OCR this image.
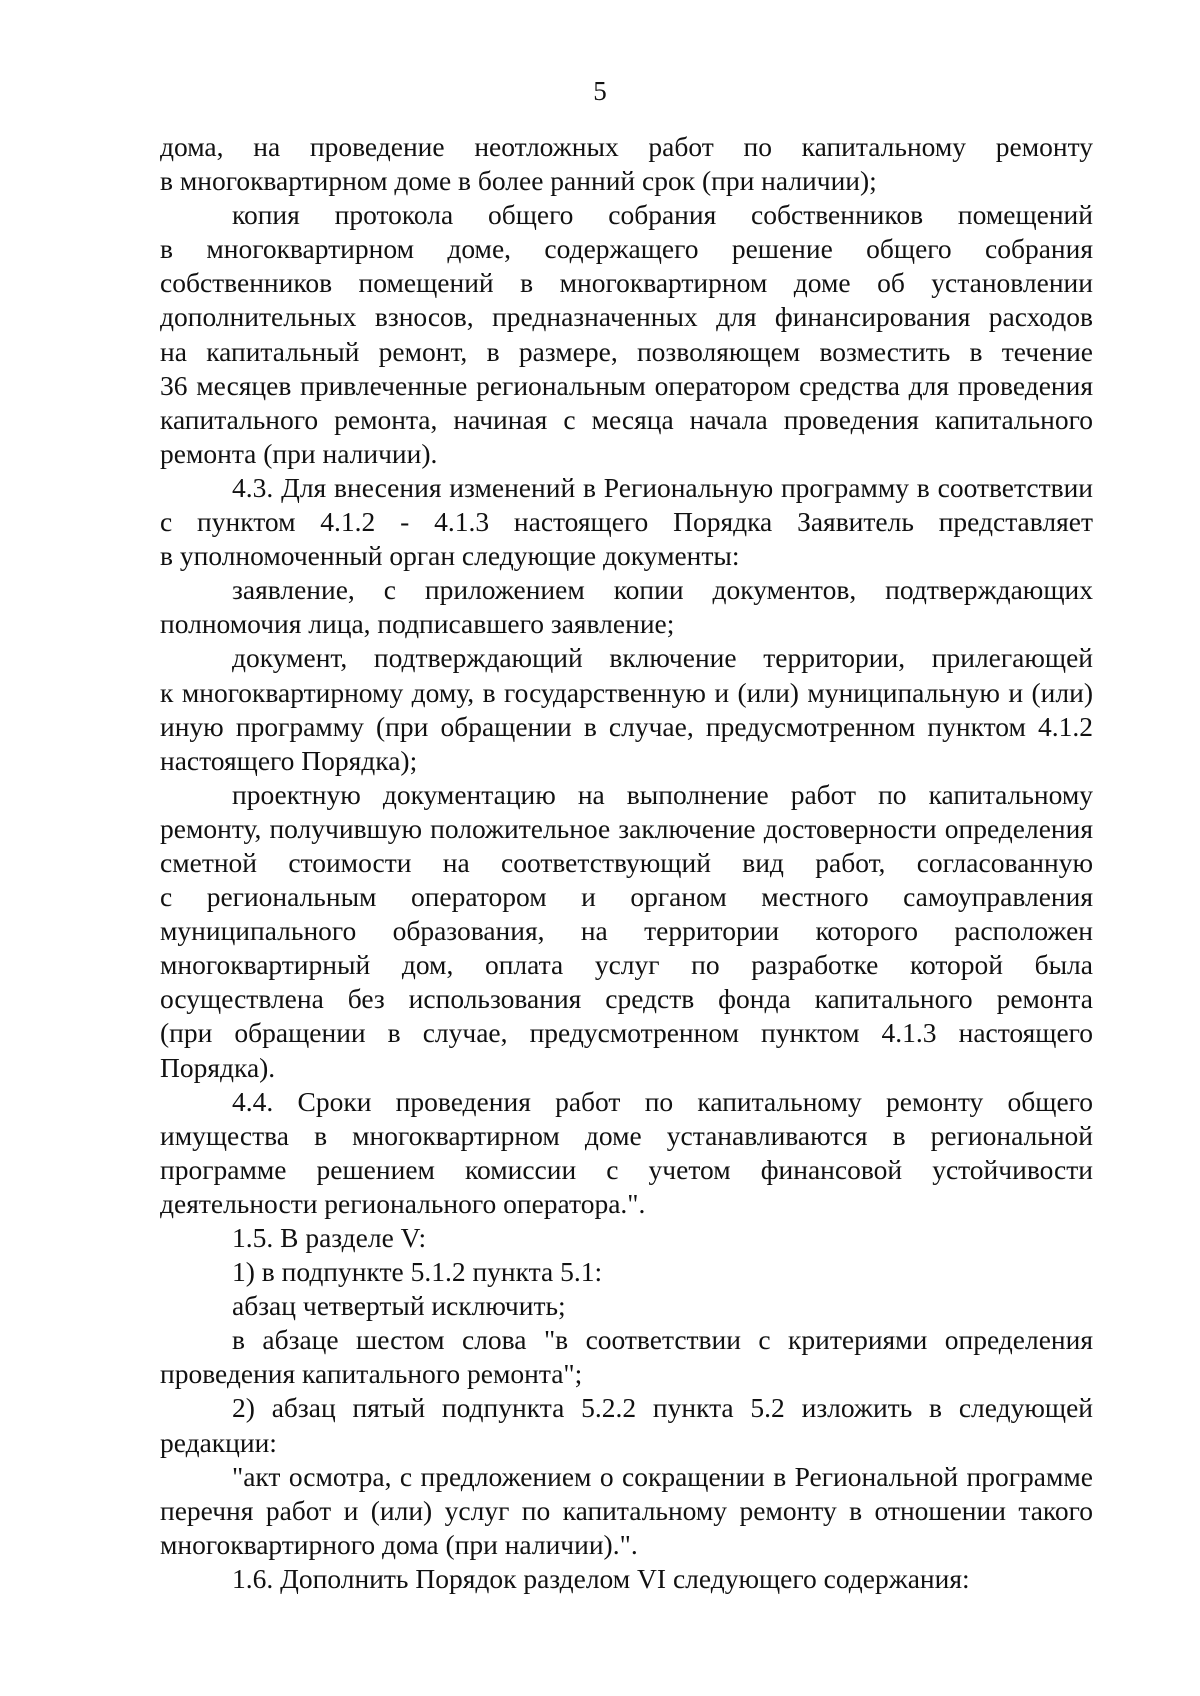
5

дома, на проведение неотложных работ по капитальному ремонту

в многоквартирном доме в более ранний срок (при наличии);

копия протокола общего собрания собственников помещений

в многоквартирном доме, содержащего решение общего собрания

собственников помещений в многоквартирном доме об установлении

дополнительных взносов, предназначенных для финансирования расходов

на капитальный ремонт, в размере, позволяющем возместить в течение

36 месяцев привлеченные региональным оператором средства для проведения

капитального ремонта, начиная с месяца начала проведения капитального

ремонта (при наличии).

4.3. Для внесения изменений в Региональную программу в соответствии

с пунктом 4.1.2 - 4.1.3 настоящего Порядка Заявитель представляет

в уполномоченный орган следующие документы:

заявление, с приложением копии документов, подтверждающих

полномочия лица, подписавшего заявление;

документ, подтверждающий включение территории, прилегающей

к многоквартирному дому, в государственную и (или) муниципальную и (или)

иную программу (при обращении в случае, предусмотренном пунктом 4.1.2

настоящего Порядка);

проектную документацию на выполнение работ по капитальному

ремонту, получившую положительное заключение достоверности определения

сметной стоимости на соответствующий вид работ, согласованную

с региональным оператором и органом местного самоуправления

муниципального образования, на территории которого расположен

многоквартирный дом, оплата услуг по разработке которой была

осуществлена без использования средств фонда капитального ремонта

(при обращении в случае, предусмотренном пунктом 4.1.3 настоящего

Порядка).

4.4. Сроки проведения работ по капитальному ремонту общего

имущества в многоквартирном доме устанавливаются в региональной

программе решением комиссии с учетом финансовой устойчивости

деятельности регионального оператора.".

1.5. В разделе V:

1) в подпункте 5.1.2 пункта 5.1:

абзац четвертый исключить;

в абзаце шестом слова "в соответствии с критериями определения

проведения капитального ремонта";

2) абзац пятый подпункта 5.2.2 пункта 5.2 изложить в следующей

редакции:

"акт осмотра, с предложением о сокращении в Региональной программе

перечня работ и (или) услуг по капитальному ремонту в отношении такого

многоквартирного дома (при наличии).".

1.6. Дополнить Порядок разделом VI следующего содержания:
